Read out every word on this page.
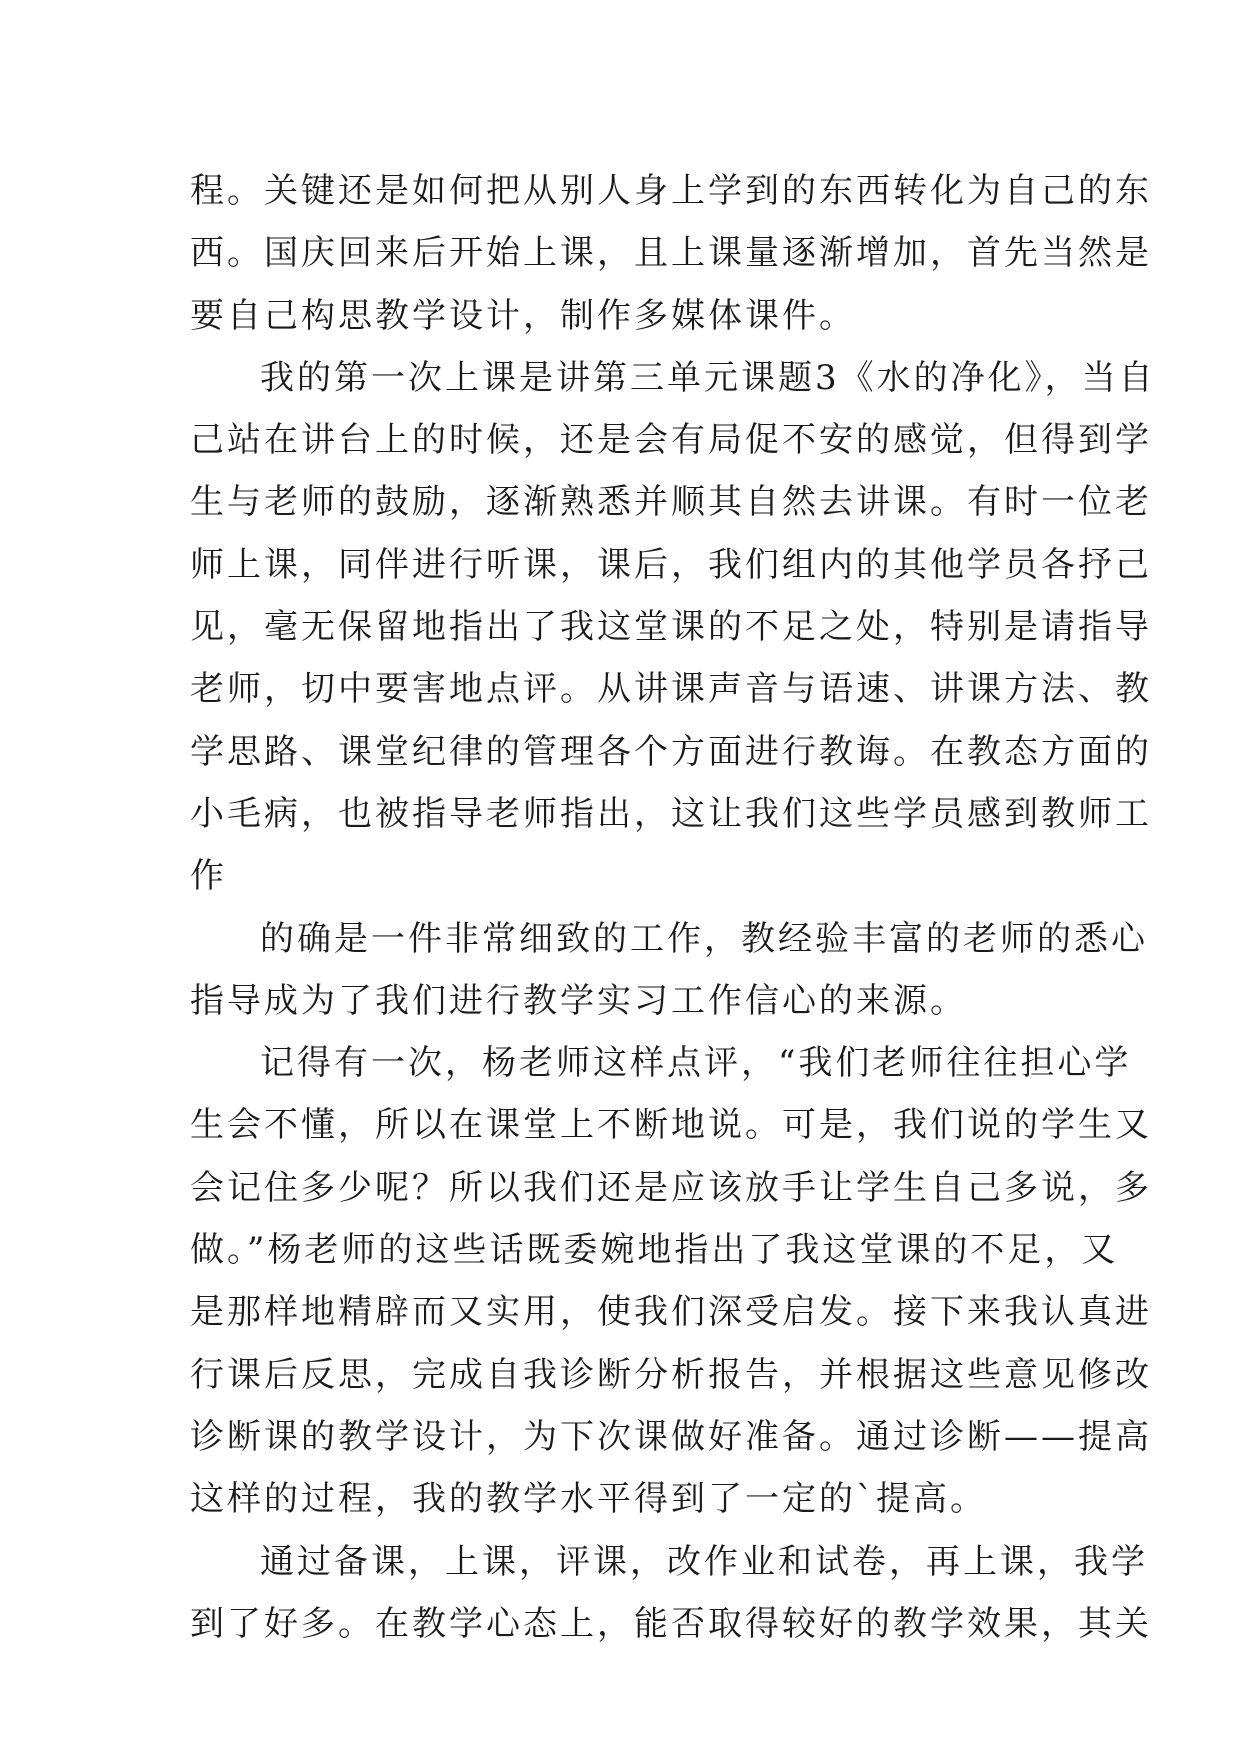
程。关键还是如何把从别人身上学到的东西转化为自己的东
西。国庆回来后开始上课，且上课量逐渐增加，首先当然是
要自己构思教学设计，制作多媒体课件。
我的第一次上课是讲第三单元课题3《水的净化》，当自
己站在讲台上的时候，还是会有局促不安的感觉，但得到学
生与老师的鼓励，逐渐熟悉并顺其自然去讲课。有时一位老
师上课，同伴进行听课，课后，我们组内的其他学员各抒己
见，毫无保留地指出了我这堂课的不足之处，特别是请指导
老师，切中要害地点评。从讲课声音与语速、讲课方法、教
学思路、课堂纪律的管理各个方面进行教诲。在教态方面的
小毛病，也被指导老师指出，这让我们这些学员感到教师工
作
的确是一件非常细致的工作，教经验丰富的老师的悉心
指导成为了我们进行教学实习工作信心的来源。
记得有一次，杨老师这样点评，“我们老师往往担心学
生会不懂，所以在课堂上不断地说。可是，我们说的学生又
会记住多少呢？所以我们还是应该放手让学生自己多说，多
做。”杨老师的这些话既委婉地指出了我这堂课的不足，又
是那样地精辟而又实用，使我们深受启发。接下来我认真进
行课后反思，完成自我诊断分析报告，并根据这些意见修改
诊断课的教学设计，为下次课做好准备。通过诊断——提高
这样的过程，我的教学水平得到了一定的`提高。
通过备课，上课，评课，改作业和试卷，再上课，我学
到了好多。在教学心态上，能否取得较好的教学效果，其关
